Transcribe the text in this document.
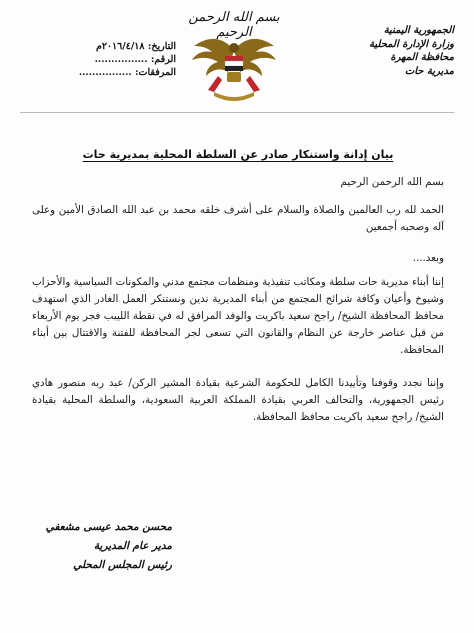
التاريخ: ٢٠١٦/٤/١٨م
الرقم: ................
المرفقات: ................
بسم الله الرحمن الرحيم	الجمهورية اليمنية
وزارة الإدارة المحلية
محافظة المهرة
مديرية حات
بيان إدانة واستنكار صادر عن السلطة المحلية بمديرية حات

بسم الله الرحمن الرحيم

الحمد لله رب العالمين والصلاة والسلام على أشرف خلقه محمد بن عبد الله الصادق الأمين وعلى آله وصحبه أجمعين

وبعد....

إننا أبناء مديرية حات سلطة ومكاتب تنفيذية ومنظمات مجتمع مدني والمكونات السياسية والأحزاب وشيوخ وأعيان وكافة شرائح المجتمع من أبناء المديرية ندين ونستنكر العمل الغادر الذي استهدف محافظ المحافظة الشيخ/ راجح سعيد باكريت والوفد المرافق له في نقطة الليبب فجر يوم الأربعاء من قبل عناصر خارجة عن النظام والقانون التي تسعى لجر المحافظة للفتنة والاقتتال بين أبناء المحافظة.

وإننا نجدد وقوفنا وتأييدنا الكامل للحكومة الشرعية بقيادة المشير الركن/ عبد ربه منصور هادي رئيس الجمهورية، والتحالف العربي بقيادة المملكة العربية السعودية، والسلطة المحلية بقيادة الشيخ/ راجح سعيد باكريت محافظ المحافظة.

محسن محمد عيسى مشعفي
مدير عام المديرية
رئيس المجلس المحلي
